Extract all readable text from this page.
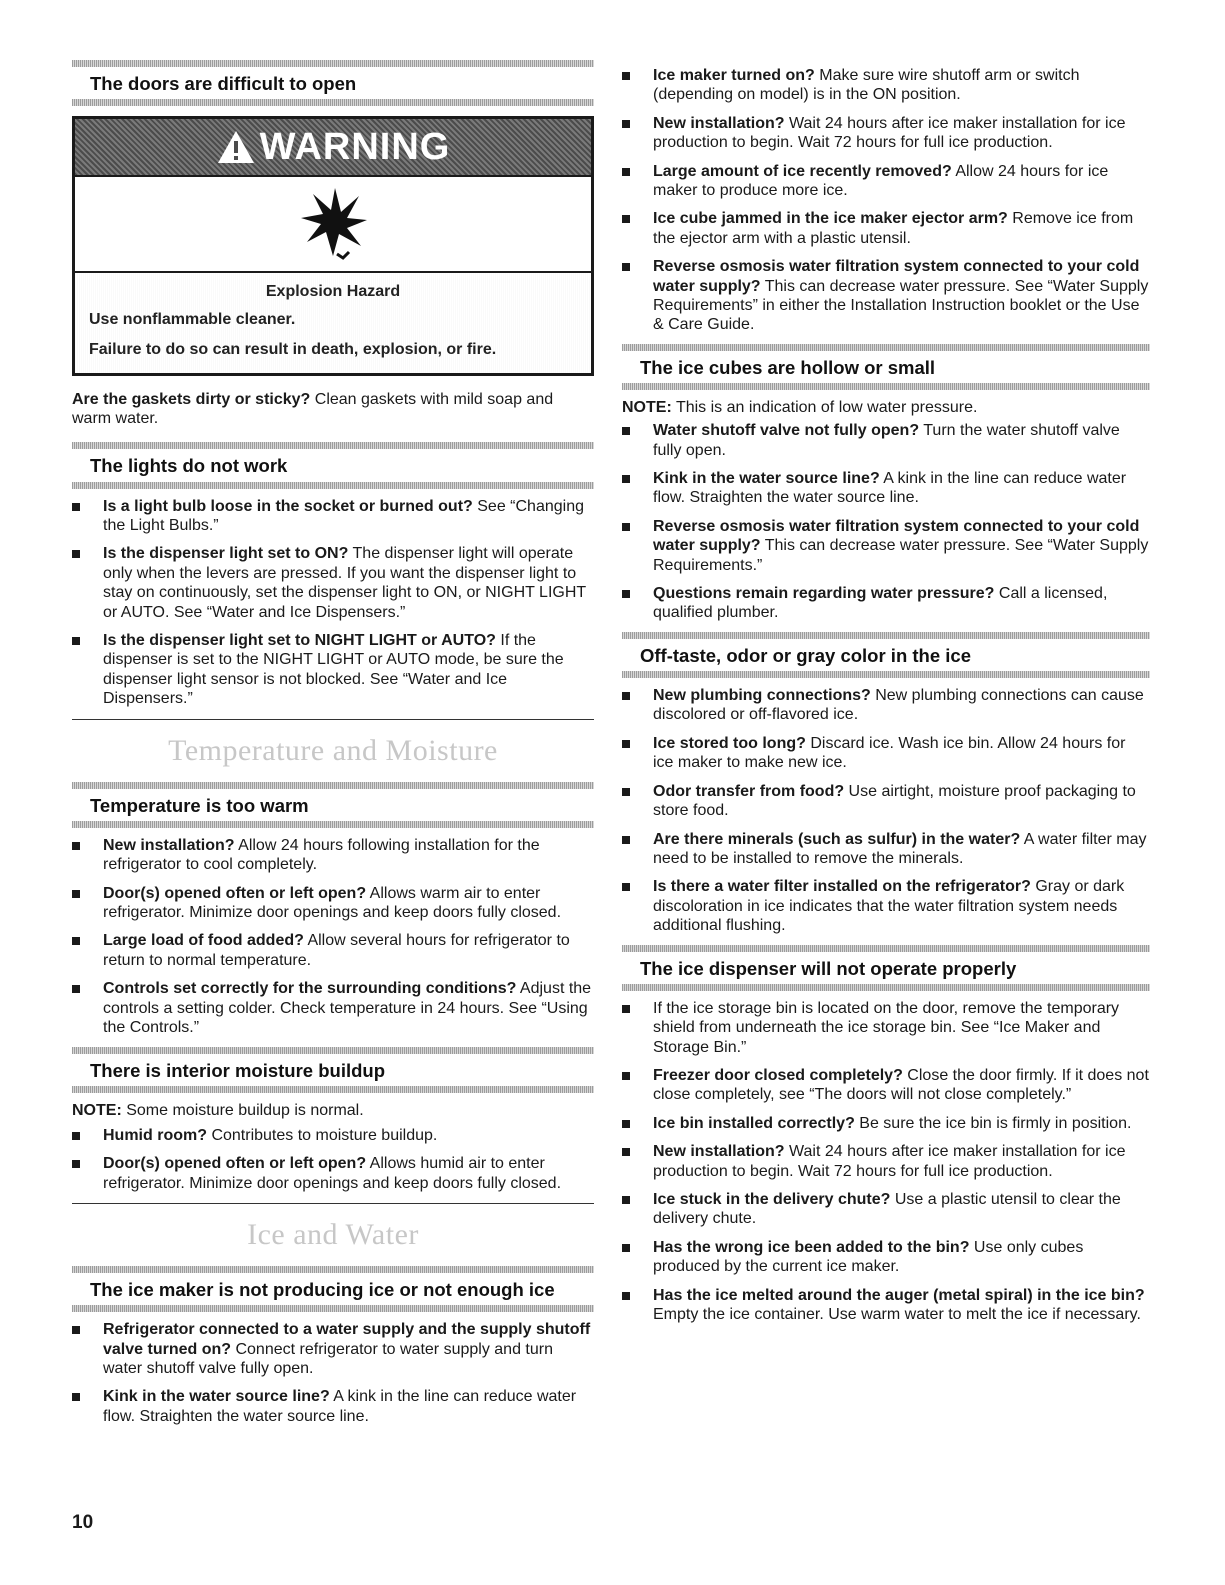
The doors are difficult to open
WARNING
Explosion Hazard
Use nonflammable cleaner.
Failure to do so can result in death, explosion, or fire.

Are the gaskets dirty or sticky? Clean gaskets with mild soap and warm water.

The lights do not work
Is a light bulb loose in the socket or burned out? See “Changing the Light Bulbs.”
Is the dispenser light set to ON? The dispenser light will operate only when the levers are pressed. If you want the dispenser light to stay on continuously, set the dispenser light to ON, or NIGHT LIGHT or AUTO. See “Water and Ice Dispensers.”
Is the dispenser light set to NIGHT LIGHT or AUTO? If the dispenser is set to the NIGHT LIGHT or AUTO mode, be sure the dispenser light sensor is not blocked. See “Water and Ice Dispensers.”
Temperature and Moisture
Temperature is too warm
New installation? Allow 24 hours following installation for the refrigerator to cool completely.
Door(s) opened often or left open? Allows warm air to enter refrigerator. Minimize door openings and keep doors fully closed.
Large load of food added? Allow several hours for refrigerator to return to normal temperature.
Controls set correctly for the surrounding conditions? Adjust the controls a setting colder. Check temperature in 24 hours. See “Using the Controls.”
There is interior moisture buildup

NOTE: Some moisture buildup is normal.

Humid room? Contributes to moisture buildup.
Door(s) opened often or left open? Allows humid air to enter refrigerator. Minimize door openings and keep doors fully closed.
Ice and Water
The ice maker is not producing ice or not enough ice
Refrigerator connected to a water supply and the supply shutoff valve turned on? Connect refrigerator to water supply and turn water shutoff valve fully open.
Kink in the water source line? A kink in the line can reduce water flow. Straighten the water source line.
Ice maker turned on? Make sure wire shutoff arm or switch (depending on model) is in the ON position.
New installation? Wait 24 hours after ice maker installation for ice production to begin. Wait 72 hours for full ice production.
Large amount of ice recently removed? Allow 24 hours for ice maker to produce more ice.
Ice cube jammed in the ice maker ejector arm? Remove ice from the ejector arm with a plastic utensil.
Reverse osmosis water filtration system connected to your cold water supply? This can decrease water pressure. See “Water Supply Requirements” in either the Installation Instruction booklet or the Use & Care Guide.
The ice cubes are hollow or small

NOTE: This is an indication of low water pressure.

Water shutoff valve not fully open? Turn the water shutoff valve fully open.
Kink in the water source line? A kink in the line can reduce water flow. Straighten the water source line.
Reverse osmosis water filtration system connected to your cold water supply? This can decrease water pressure. See “Water Supply Requirements.”
Questions remain regarding water pressure? Call a licensed, qualified plumber.
Off-taste, odor or gray color in the ice
New plumbing connections? New plumbing connections can cause discolored or off-flavored ice.
Ice stored too long? Discard ice. Wash ice bin. Allow 24 hours for ice maker to make new ice.
Odor transfer from food? Use airtight, moisture proof packaging to store food.
Are there minerals (such as sulfur) in the water? A water filter may need to be installed to remove the minerals.
Is there a water filter installed on the refrigerator? Gray or dark discoloration in ice indicates that the water filtration system needs additional flushing.
The ice dispenser will not operate properly
If the ice storage bin is located on the door, remove the temporary shield from underneath the ice storage bin. See “Ice Maker and Storage Bin.”
Freezer door closed completely? Close the door firmly. If it does not close completely, see “The doors will not close completely.”
Ice bin installed correctly? Be sure the ice bin is firmly in position.
New installation? Wait 24 hours after ice maker installation for ice production to begin. Wait 72 hours for full ice production.
Ice stuck in the delivery chute? Use a plastic utensil to clear the delivery chute.
Has the wrong ice been added to the bin? Use only cubes produced by the current ice maker.
Has the ice melted around the auger (metal spiral) in the ice bin? Empty the ice container. Use warm water to melt the ice if necessary.
10
